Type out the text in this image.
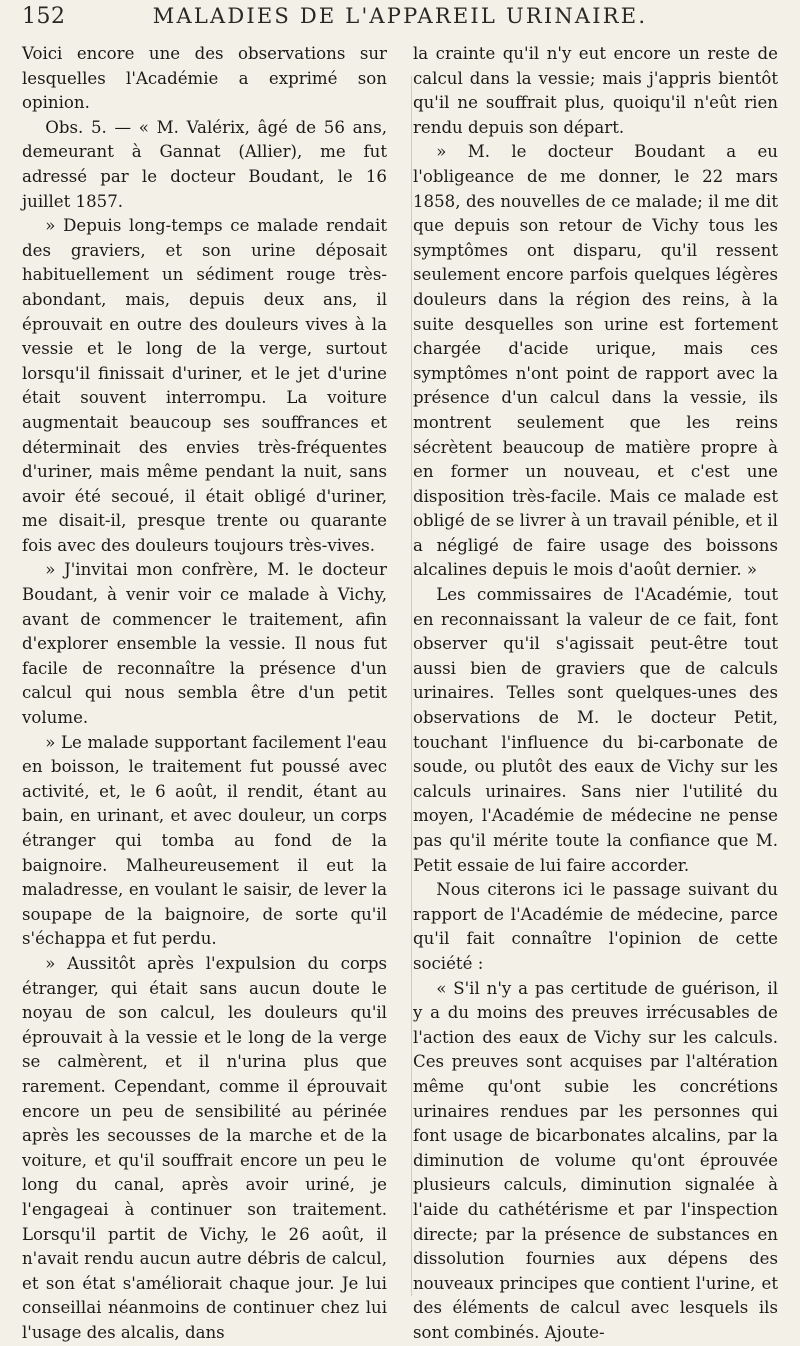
152	MALADIES DE L'APPAREIL URINAIRE.

Voici encore une des observations sur lesquelles l'Académie a exprimé son opinion.

Obs. 5. — « M. Valérix, âgé de 56 ans, demeurant à Gannat (Allier), me fut adressé par le docteur Boudant, le 16 juillet 1857.

» Depuis long-temps ce malade rendait des graviers, et son urine déposait habituellement un sédiment rouge très-abondant, mais, depuis deux ans, il éprouvait en outre des douleurs vives à la vessie et le long de la verge, surtout lorsqu'il finissait d'uriner, et le jet d'urine était souvent interrompu. La voiture augmentait beaucoup ses souffrances et déterminait des envies très-fréquentes d'uriner, mais même pendant la nuit, sans avoir été secoué, il était obligé d'uriner, me disait-il, presque trente ou quarante fois avec des douleurs toujours très-vives.

» J'invitai mon confrère, M. le docteur Boudant, à venir voir ce malade à Vichy, avant de commencer le traitement, afin d'explorer ensemble la vessie. Il nous fut facile de reconnaître la présence d'un calcul qui nous sembla être d'un petit volume.

» Le malade supportant facilement l'eau en boisson, le traitement fut poussé avec activité, et, le 6 août, il rendit, étant au bain, en urinant, et avec douleur, un corps étranger qui tomba au fond de la baignoire. Malheureusement il eut la maladresse, en voulant le saisir, de lever la soupape de la baignoire, de sorte qu'il s'échappa et fut perdu.

» Aussitôt après l'expulsion du corps étranger, qui était sans aucun doute le noyau de son calcul, les douleurs qu'il éprouvait à la vessie et le long de la verge se calmèrent, et il n'urina plus que rarement. Cependant, comme il éprouvait encore un peu de sensibilité au périnée après les secousses de la marche et de la voiture, et qu'il souffrait encore un peu le long du canal, après avoir uriné, je l'engageai à continuer son traitement. Lorsqu'il partit de Vichy, le 26 août, il n'avait rendu aucun autre débris de calcul, et son état s'améliorait chaque jour. Je lui conseillai néanmoins de continuer chez lui l'usage des alcalis, dans

la crainte qu'il n'y eut encore un reste de calcul dans la vessie; mais j'appris bientôt qu'il ne souffrait plus, quoiqu'il n'eût rien rendu depuis son départ.

» M. le docteur Boudant a eu l'obligeance de me donner, le 22 mars 1858, des nouvelles de ce malade; il me dit que depuis son retour de Vichy tous les symptômes ont disparu, qu'il ressent seulement encore parfois quelques légères douleurs dans la région des reins, à la suite desquelles son urine est fortement chargée d'acide urique, mais ces symptômes n'ont point de rapport avec la présence d'un calcul dans la vessie, ils montrent seulement que les reins sécrètent beaucoup de matière propre à en former un nouveau, et c'est une disposition très-facile. Mais ce malade est obligé de se livrer à un travail pénible, et il a négligé de faire usage des boissons alcalines depuis le mois d'août dernier. »

Les commissaires de l'Académie, tout en reconnaissant la valeur de ce fait, font observer qu'il s'agissait peut-être tout aussi bien de graviers que de calculs urinaires. Telles sont quelques-unes des observations de M. le docteur Petit, touchant l'influence du bi-carbonate de soude, ou plutôt des eaux de Vichy sur les calculs urinaires. Sans nier l'utilité du moyen, l'Académie de médecine ne pense pas qu'il mérite toute la confiance que M. Petit essaie de lui faire accorder.

Nous citerons ici le passage suivant du rapport de l'Académie de médecine, parce qu'il fait connaître l'opinion de cette société :

« S'il n'y a pas certitude de guérison, il y a du moins des preuves irrécusables de l'action des eaux de Vichy sur les calculs. Ces preuves sont acquises par l'altération même qu'ont subie les concrétions urinaires rendues par les personnes qui font usage de bicarbonates alcalins, par la diminution de volume qu'ont éprouvée plusieurs calculs, diminution signalée à l'aide du cathétérisme et par l'inspection directe; par la présence de substances en dissolution fournies aux dépens des nouveaux principes que contient l'urine, et des éléments de calcul avec lesquels ils sont combinés. Ajoute-
